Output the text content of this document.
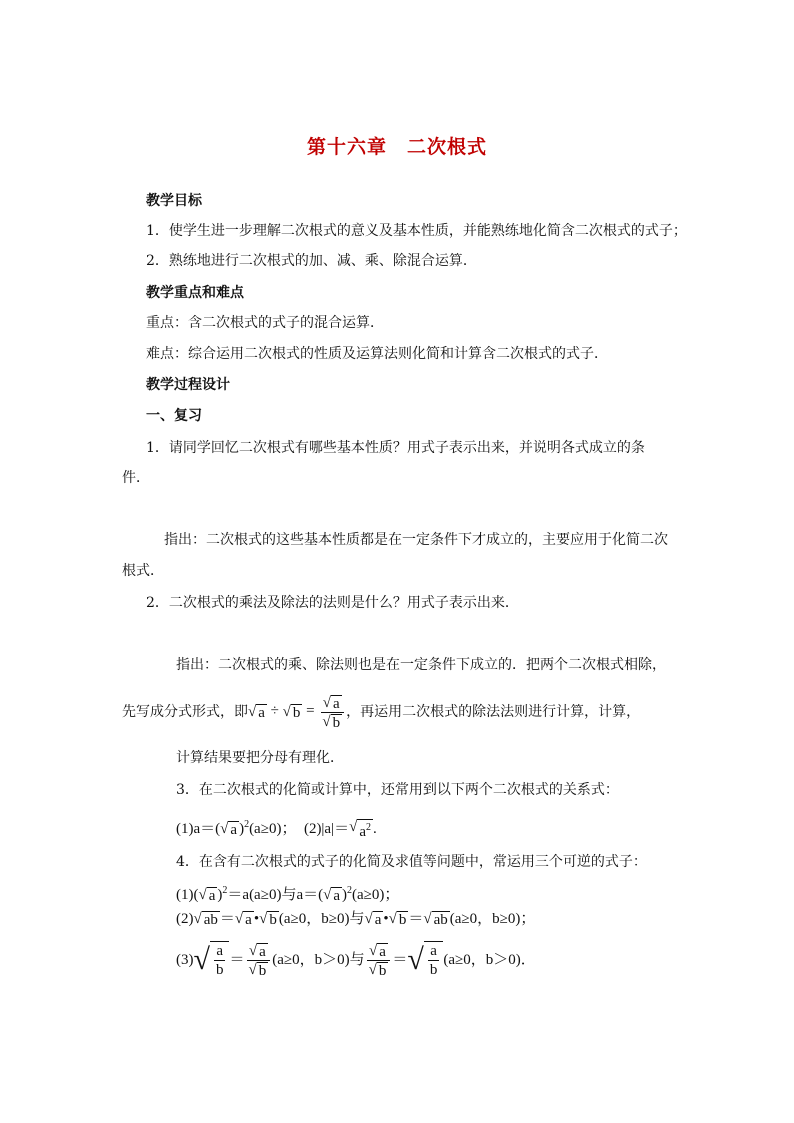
第十六章　二次根式
教学目标
1．使学生进一步理解二次根式的意义及基本性质，并能熟练地化简含二次根式的式子；
2．熟练地进行二次根式的加、减、乘、除混合运算．
教学重点和难点
重点：含二次根式的式子的混合运算．
难点：综合运用二次根式的性质及运算法则化简和计算含二次根式的式子．
教学过程设计
一、复习
1．请同学回忆二次根式有哪些基本性质？用式子表示出来，并说明各式成立的条
件．
指出：二次根式的这些基本性质都是在一定条件下才成立的，主要应用于化简二次
根式．
2．二次根式的乘法及除法的法则是什么？用式子表示出来．
指出：二次根式的乘、除法则也是在一定条件下成立的．把两个二次根式相除，
先写成分式形式，即 √ a ÷ √ $b = \frac{√ a}{√ b}$ ，再运用二次根式的除法法则进行计算，计算，
计算结果要把分母有理化．
3．在二次根式的化简或计算中，还常用到以下两个二次根式的关系式：
(1)a＝( √ a )$^2$(a≥0)；　(2)|a|＝ √ $a^2$ .
4．在含有二次根式的式子的化简及求值等问题中，常运用三个可逆的式子：
(1)( √ a )$^2$＝a(a≥0)与a＝( √ a )$^2$(a≥0)；
(2) √ ab ＝ √ a • √ b (a≥0，b≥0)与 √ a • √ b ＝ √ ab (a≥0，b≥0)；
(3) √ $\frac{a}{b} = \frac{√ a}{√ b} (a\ge 0$，b＞0)与 $\frac{√ a}{√ b}$ ＝ √ $\frac{a}{b} (a\ge 0$，b＞0)．
